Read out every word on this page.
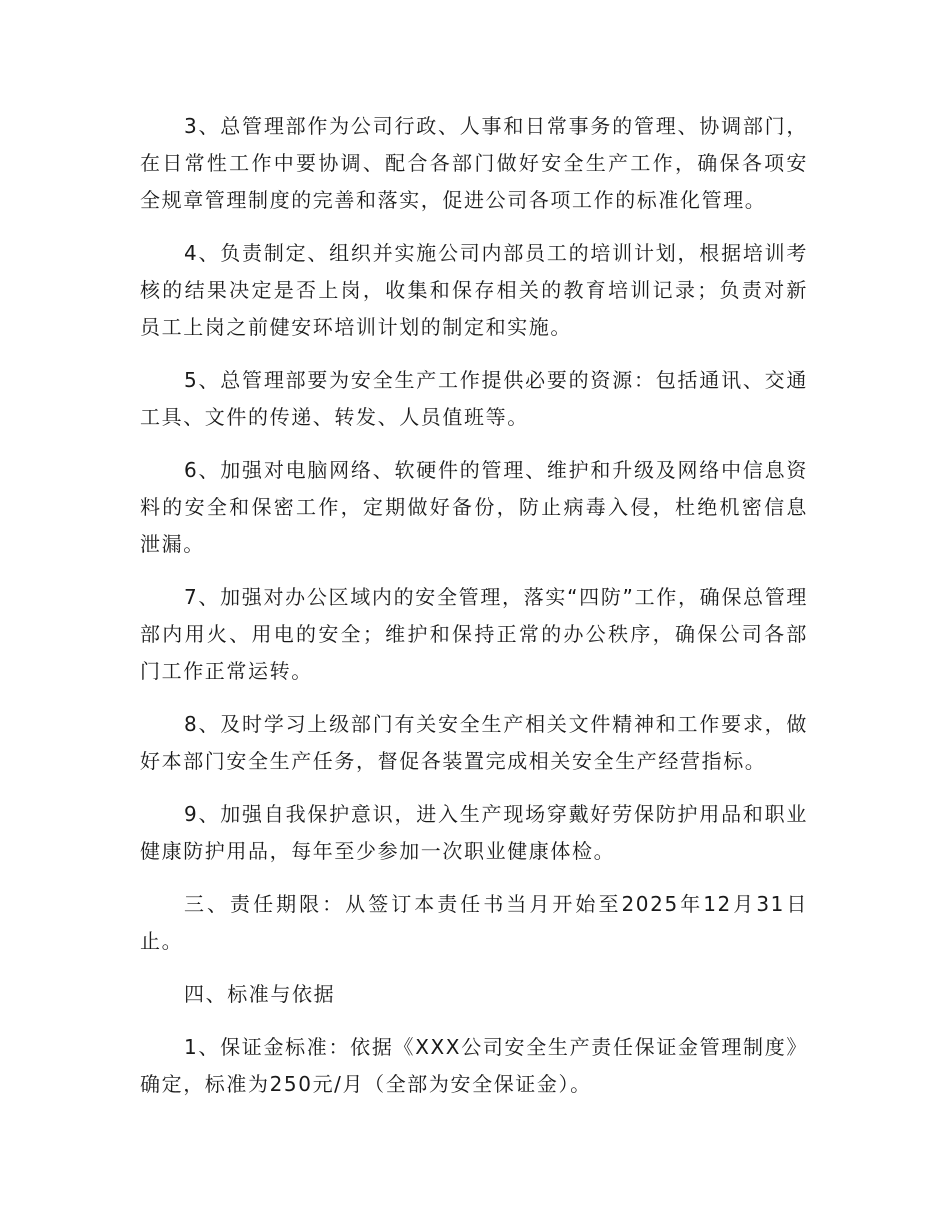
3、总管理部作为公司行政、人事和日常事务的管理、协调部门，在日常性工作中要协调、配合各部门做好安全生产工作，确保各项安全规章管理制度的完善和落实，促进公司各项工作的标准化管理。

4、负责制定、组织并实施公司内部员工的培训计划，根据培训考核的结果决定是否上岗，收集和保存相关的教育培训记录；负责对新员工上岗之前健安环培训计划的制定和实施。

5、总管理部要为安全生产工作提供必要的资源：包括通讯、交通工具、文件的传递、转发、人员值班等。

6、加强对电脑网络、软硬件的管理、维护和升级及网络中信息资料的安全和保密工作，定期做好备份，防止病毒入侵，杜绝机密信息泄漏。

7、加强对办公区域内的安全管理，落实“四防”工作，确保总管理部内用火、用电的安全；维护和保持正常的办公秩序，确保公司各部门工作正常运转。

8、及时学习上级部门有关安全生产相关文件精神和工作要求，做好本部门安全生产任务，督促各装置完成相关安全生产经营指标。

9、加强自我保护意识，进入生产现场穿戴好劳保防护用品和职业健康防护用品，每年至少参加一次职业健康体检。

三、责任期限：从签订本责任书当月开始至2025年12月31日止。

四、标准与依据

1、保证金标准：依据《XXX公司安全生产责任保证金管理制度》确定，标准为250元/月（全部为安全保证金）。
